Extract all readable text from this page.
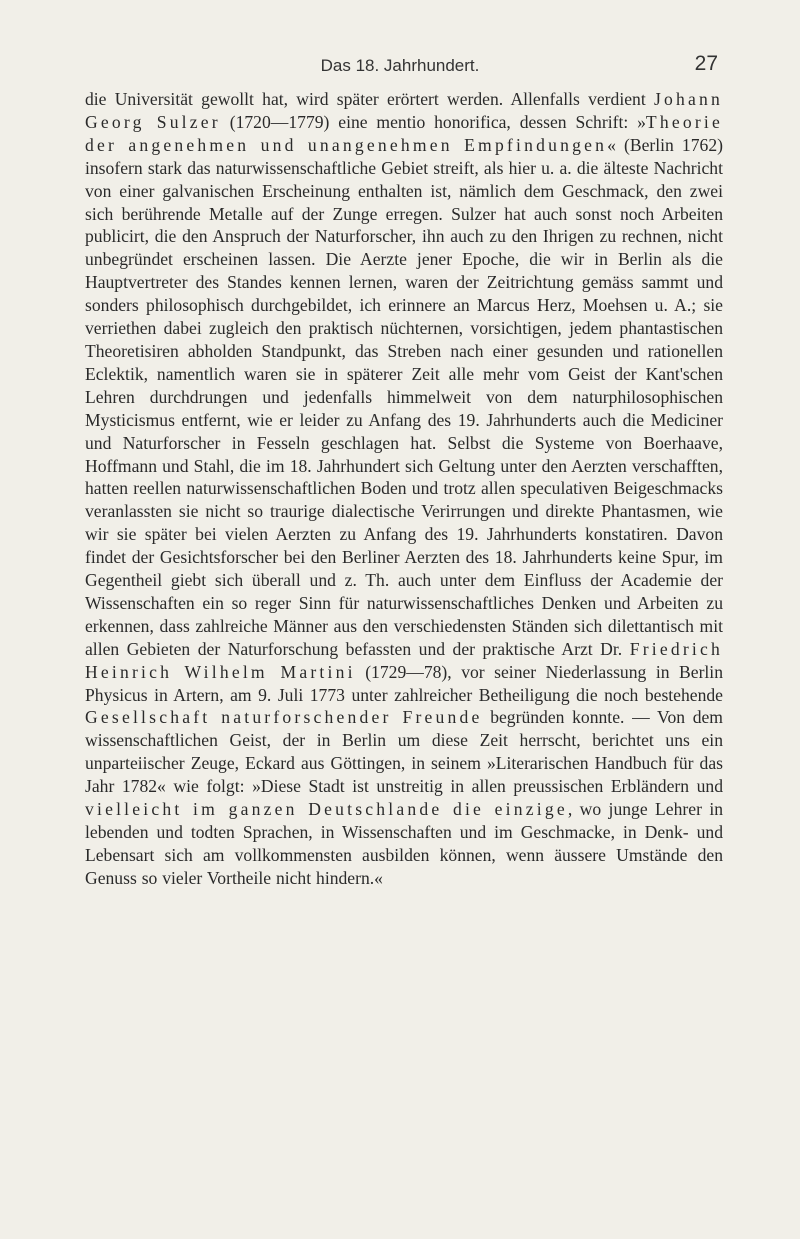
Das 18. Jahrhundert.	27

die Universität gewollt hat, wird später erörtert werden. Allenfalls verdient Johann Georg Sulzer (1720—1779) eine mentio honorifica, dessen Schrift: »Theorie der angenehmen und unangenehmen Empfindungen« (Berlin 1762) insofern stark das naturwissenschaftliche Gebiet streift, als hier u. a. die älteste Nachricht von einer galvanischen Erscheinung enthalten ist, nämlich dem Geschmack, den zwei sich berührende Metalle auf der Zunge erregen. Sulzer hat auch sonst noch Arbeiten publicirt, die den Anspruch der Naturforscher, ihn auch zu den Ihrigen zu rechnen, nicht unbegründet erscheinen lassen. Die Aerzte jener Epoche, die wir in Berlin als die Hauptvertreter des Standes kennen lernen, waren der Zeitrichtung gemäss sammt und sonders philosophisch durchgebildet, ich erinnere an Marcus Herz, Moehsen u. A.; sie verriethen dabei zugleich den praktisch nüchternen, vorsichtigen, jedem phantastischen Theoretisiren abholden Standpunkt, das Streben nach einer gesunden und rationellen Eclektik, namentlich waren sie in späterer Zeit alle mehr vom Geist der Kant'schen Lehren durchdrungen und jedenfalls himmelweit von dem naturphilosophischen Mysticismus entfernt, wie er leider zu Anfang des 19. Jahrhunderts auch die Mediciner und Naturforscher in Fesseln geschlagen hat. Selbst die Systeme von Boerhaave, Hoffmann und Stahl, die im 18. Jahrhundert sich Geltung unter den Aerzten verschafften, hatten reellen naturwissenschaftlichen Boden und trotz allen speculativen Beigeschmacks veranlassten sie nicht so traurige dialectische Verirrungen und direkte Phantasmen, wie wir sie später bei vielen Aerzten zu Anfang des 19. Jahrhunderts konstatiren. Davon findet der Gesichtsforscher bei den Berliner Aerzten des 18. Jahrhunderts keine Spur, im Gegentheil giebt sich überall und z. Th. auch unter dem Einfluss der Academie der Wissenschaften ein so reger Sinn für naturwissenschaftliches Denken und Arbeiten zu erkennen, dass zahlreiche Männer aus den verschiedensten Ständen sich dilettantisch mit allen Gebieten der Naturforschung befassten und der praktische Arzt Dr. Friedrich Heinrich Wilhelm Martini (1729—78), vor seiner Niederlassung in Berlin Physicus in Artern, am 9. Juli 1773 unter zahlreicher Betheiligung die noch bestehende Gesellschaft naturforschender Freunde begründen konnte. — Von dem wissenschaftlichen Geist, der in Berlin um diese Zeit herrscht, berichtet uns ein unparteiischer Zeuge, Eckard aus Göttingen, in seinem »Literarischen Handbuch für das Jahr 1782« wie folgt: »Diese Stadt ist unstreitig in allen preussischen Erbländern und vielleicht im ganzen Deutschlande die einzige, wo junge Lehrer in lebenden und todten Sprachen, in Wissenschaften und im Geschmacke, in Denk- und Lebensart sich am vollkommensten ausbilden können, wenn äussere Umstände den Genuss so vieler Vortheile nicht hindern.«
